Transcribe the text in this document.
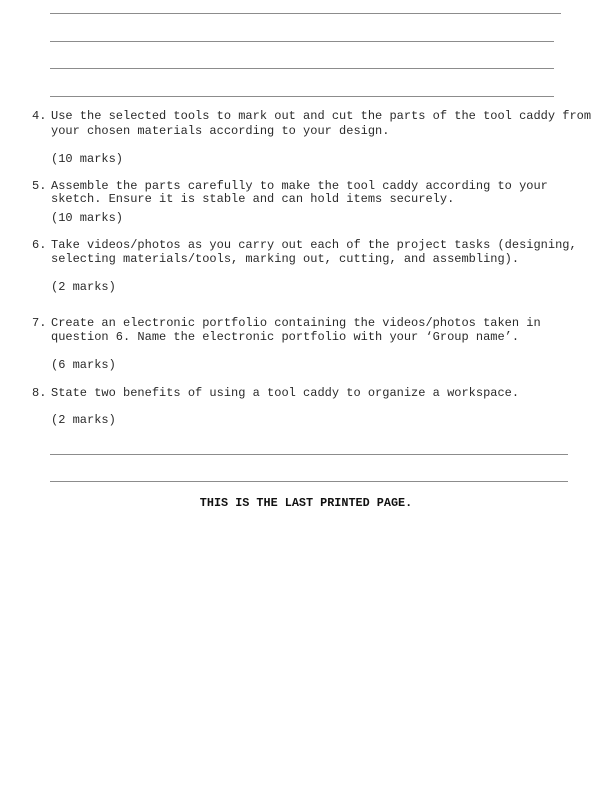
4. Use the selected tools to mark out and cut the parts of the tool caddy from
your chosen materials according to your design.
(10 marks)
5. Assemble the parts carefully to make the tool caddy according to your
sketch. Ensure it is stable and can hold items securely.
(10 marks)
6. Take videos/photos as you carry out each of the project tasks (designing,
selecting materials/tools, marking out, cutting, and assembling).
(2 marks)
7. Create an electronic portfolio containing the videos/photos taken in
question 6. Name the electronic portfolio with your ‘Group name’.
(6 marks)
8. State two benefits of using a tool caddy to organize a workspace.
(2 marks)
THIS IS THE LAST PRINTED PAGE.
